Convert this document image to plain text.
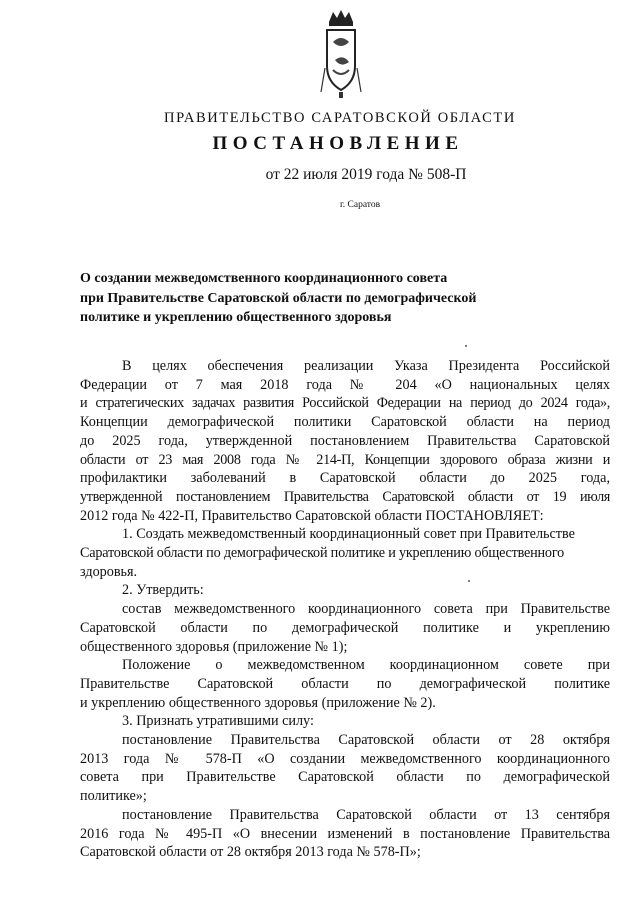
ПРАВИТЕЛЬСТВО САРАТОВСКОЙ ОБЛАСТИ
ПОСТАНОВЛЕНИЕ
от 22 июля 2019 года № 508-П
г. Саратов
О создании межведомственного координационного совета
при Правительстве Саратовской области по демографической
политике и укреплению общественного здоровья
В целях обеспечения реализации Указа Президента Российской
Федерации от 7 мая 2018 года № 204 «О национальных целях
и стратегических задачах развития Российской Федерации на период до 2024 года»,
Концепции демографической политики Саратовской области на период
до 2025 года, утвержденной постановлением Правительства Саратовской
области от 23 мая 2008 года № 214-П, Концепции здорового образа жизни и
профилактики заболеваний в Саратовской области до 2025 года,
утвержденной постановлением Правительства Саратовской области от 19 июля
2012 года № 422-П, Правительство Саратовской области ПОСТАНОВЛЯЕТ:
1. Создать межведомственный координационный совет при Правительстве
Саратовской области по демографической политике и укреплению общественного
здоровья.
2. Утвердить:
состав межведомственного координационного совета при Правительстве
Саратовской области по демографической политике и укреплению
общественного здоровья (приложение № 1);
Положение о межведомственном координационном совете при
Правительстве Саратовской области по демографической политике
и укреплению общественного здоровья (приложение № 2).
3. Признать утратившими силу:
постановление Правительства Саратовской области от 28 октября
2013 года № 578-П «О создании межведомственного координационного
совета при Правительстве Саратовской области по демографической
политике»;
постановление Правительства Саратовской области от 13 сентября
2016 года № 495-П «О внесении изменений в постановление Правительства
Саратовской области от 28 октября 2013 года № 578-П»;
